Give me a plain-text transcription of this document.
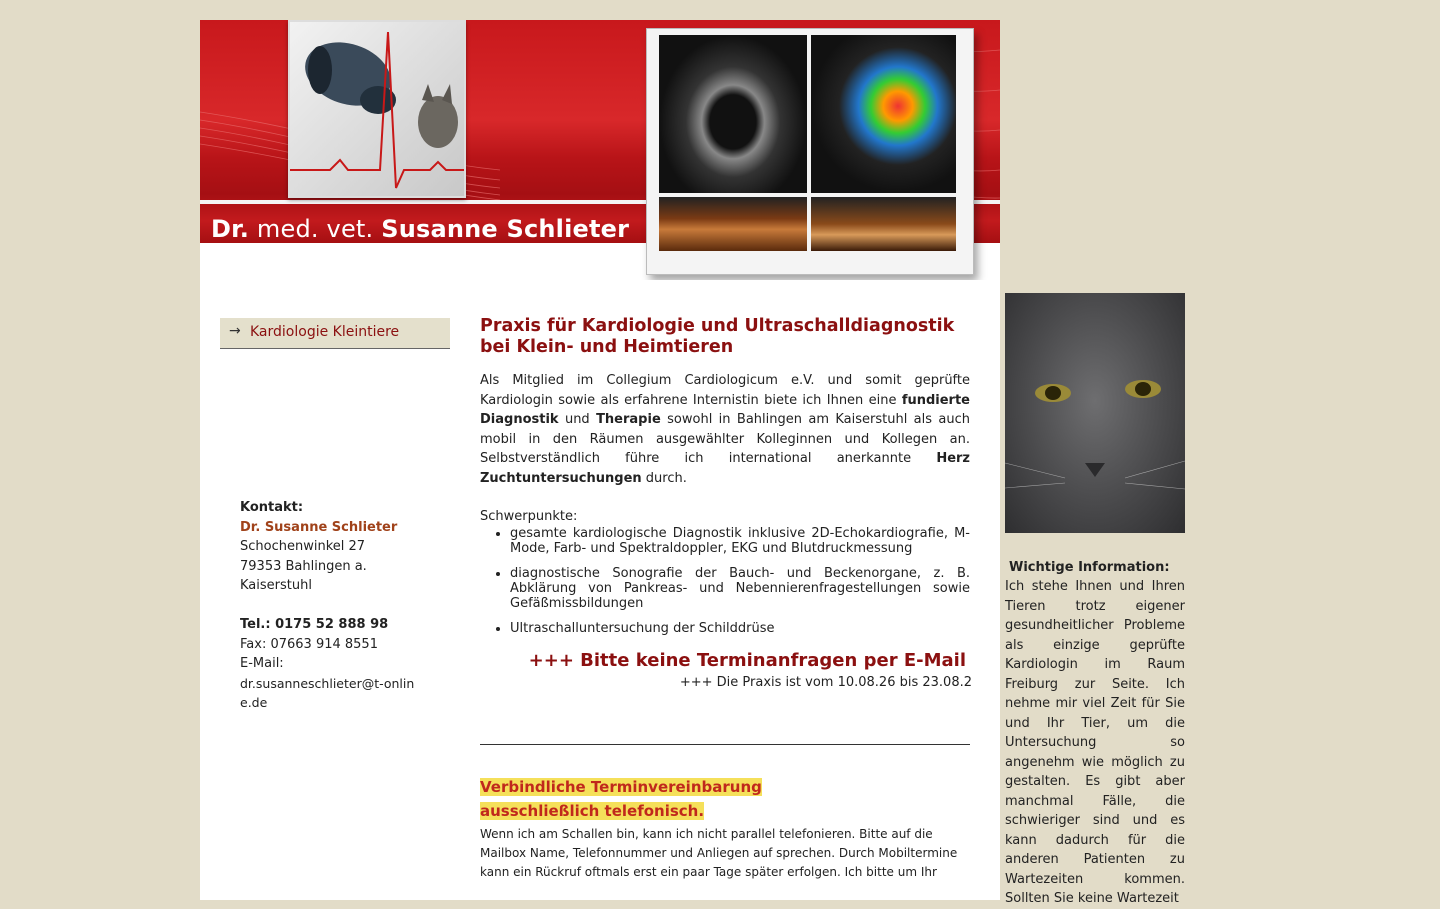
Dr. med. vet. Susanne Schlieter
→ Kardiologie Kleintiere
Kontakt:
Dr. Susanne Schlieter
Schochenwinkel 27
79353 Bahlingen a. Kaiserstuhl
Tel.: 0175 52 888 98
Fax: 07663 914 8551
E-Mail:
dr.susanneschlieter@t-online.de
Praxis für Kardiologie und Ultraschalldiagnostik bei Klein- und Heimtieren

Als Mitglied im Collegium Cardiologicum e.V. und somit geprüfte Kardiologin sowie als erfahrene Internistin biete ich Ihnen eine fundierte Diagnostik und Therapie sowohl in Bahlingen am Kaiserstuhl als auch mobil in den Räumen ausgewählter Kolleginnen und Kollegen an. Selbstverständlich führe ich international anerkannte Herz Zuchtuntersuchungen durch.

Schwerpunkte:

• gesamte kardiologische Diagnostik inklusive 2D-Echokardiografie, M-Mode, Farb- und Spektraldoppler, EKG und Blutdruckmessung
• diagnostische Sonografie der Bauch- und Beckenorgane, z. B. Abklärung von Pankreas- und Nebennierenfragestellungen sowie Gefäßmissbildungen
• Ultraschalluntersuchung der Schilddrüse
+++ Bitte keine Terminanfragen per E-Mail
+++ Die Praxis ist vom 10.08.26 bis 23.08.2
Verbindliche Terminvereinbarung
ausschließlich telefonisch.

Wenn ich am Schallen bin, kann ich nicht parallel telefonieren. Bitte auf die Mailbox Name, Telefonnummer und Anliegen auf sprechen. Durch Mobiltermine kann ein Rückruf oftmals erst ein paar Tage später erfolgen. Ich bitte um Ihr

Wichtige Information:
Ich stehe Ihnen und Ihren Tieren trotz eigener gesundheitlicher Probleme als einzige geprüfte Kardiologin im Raum Freiburg zur Seite. Ich nehme mir viel Zeit für Sie und Ihr Tier, um die Untersuchung so angenehm wie möglich zu gestalten. Es gibt aber manchmal Fälle, die schwieriger sind und es kann dadurch für die anderen Patienten zu Wartezeiten kommen. Sollten Sie keine Wartezeit
